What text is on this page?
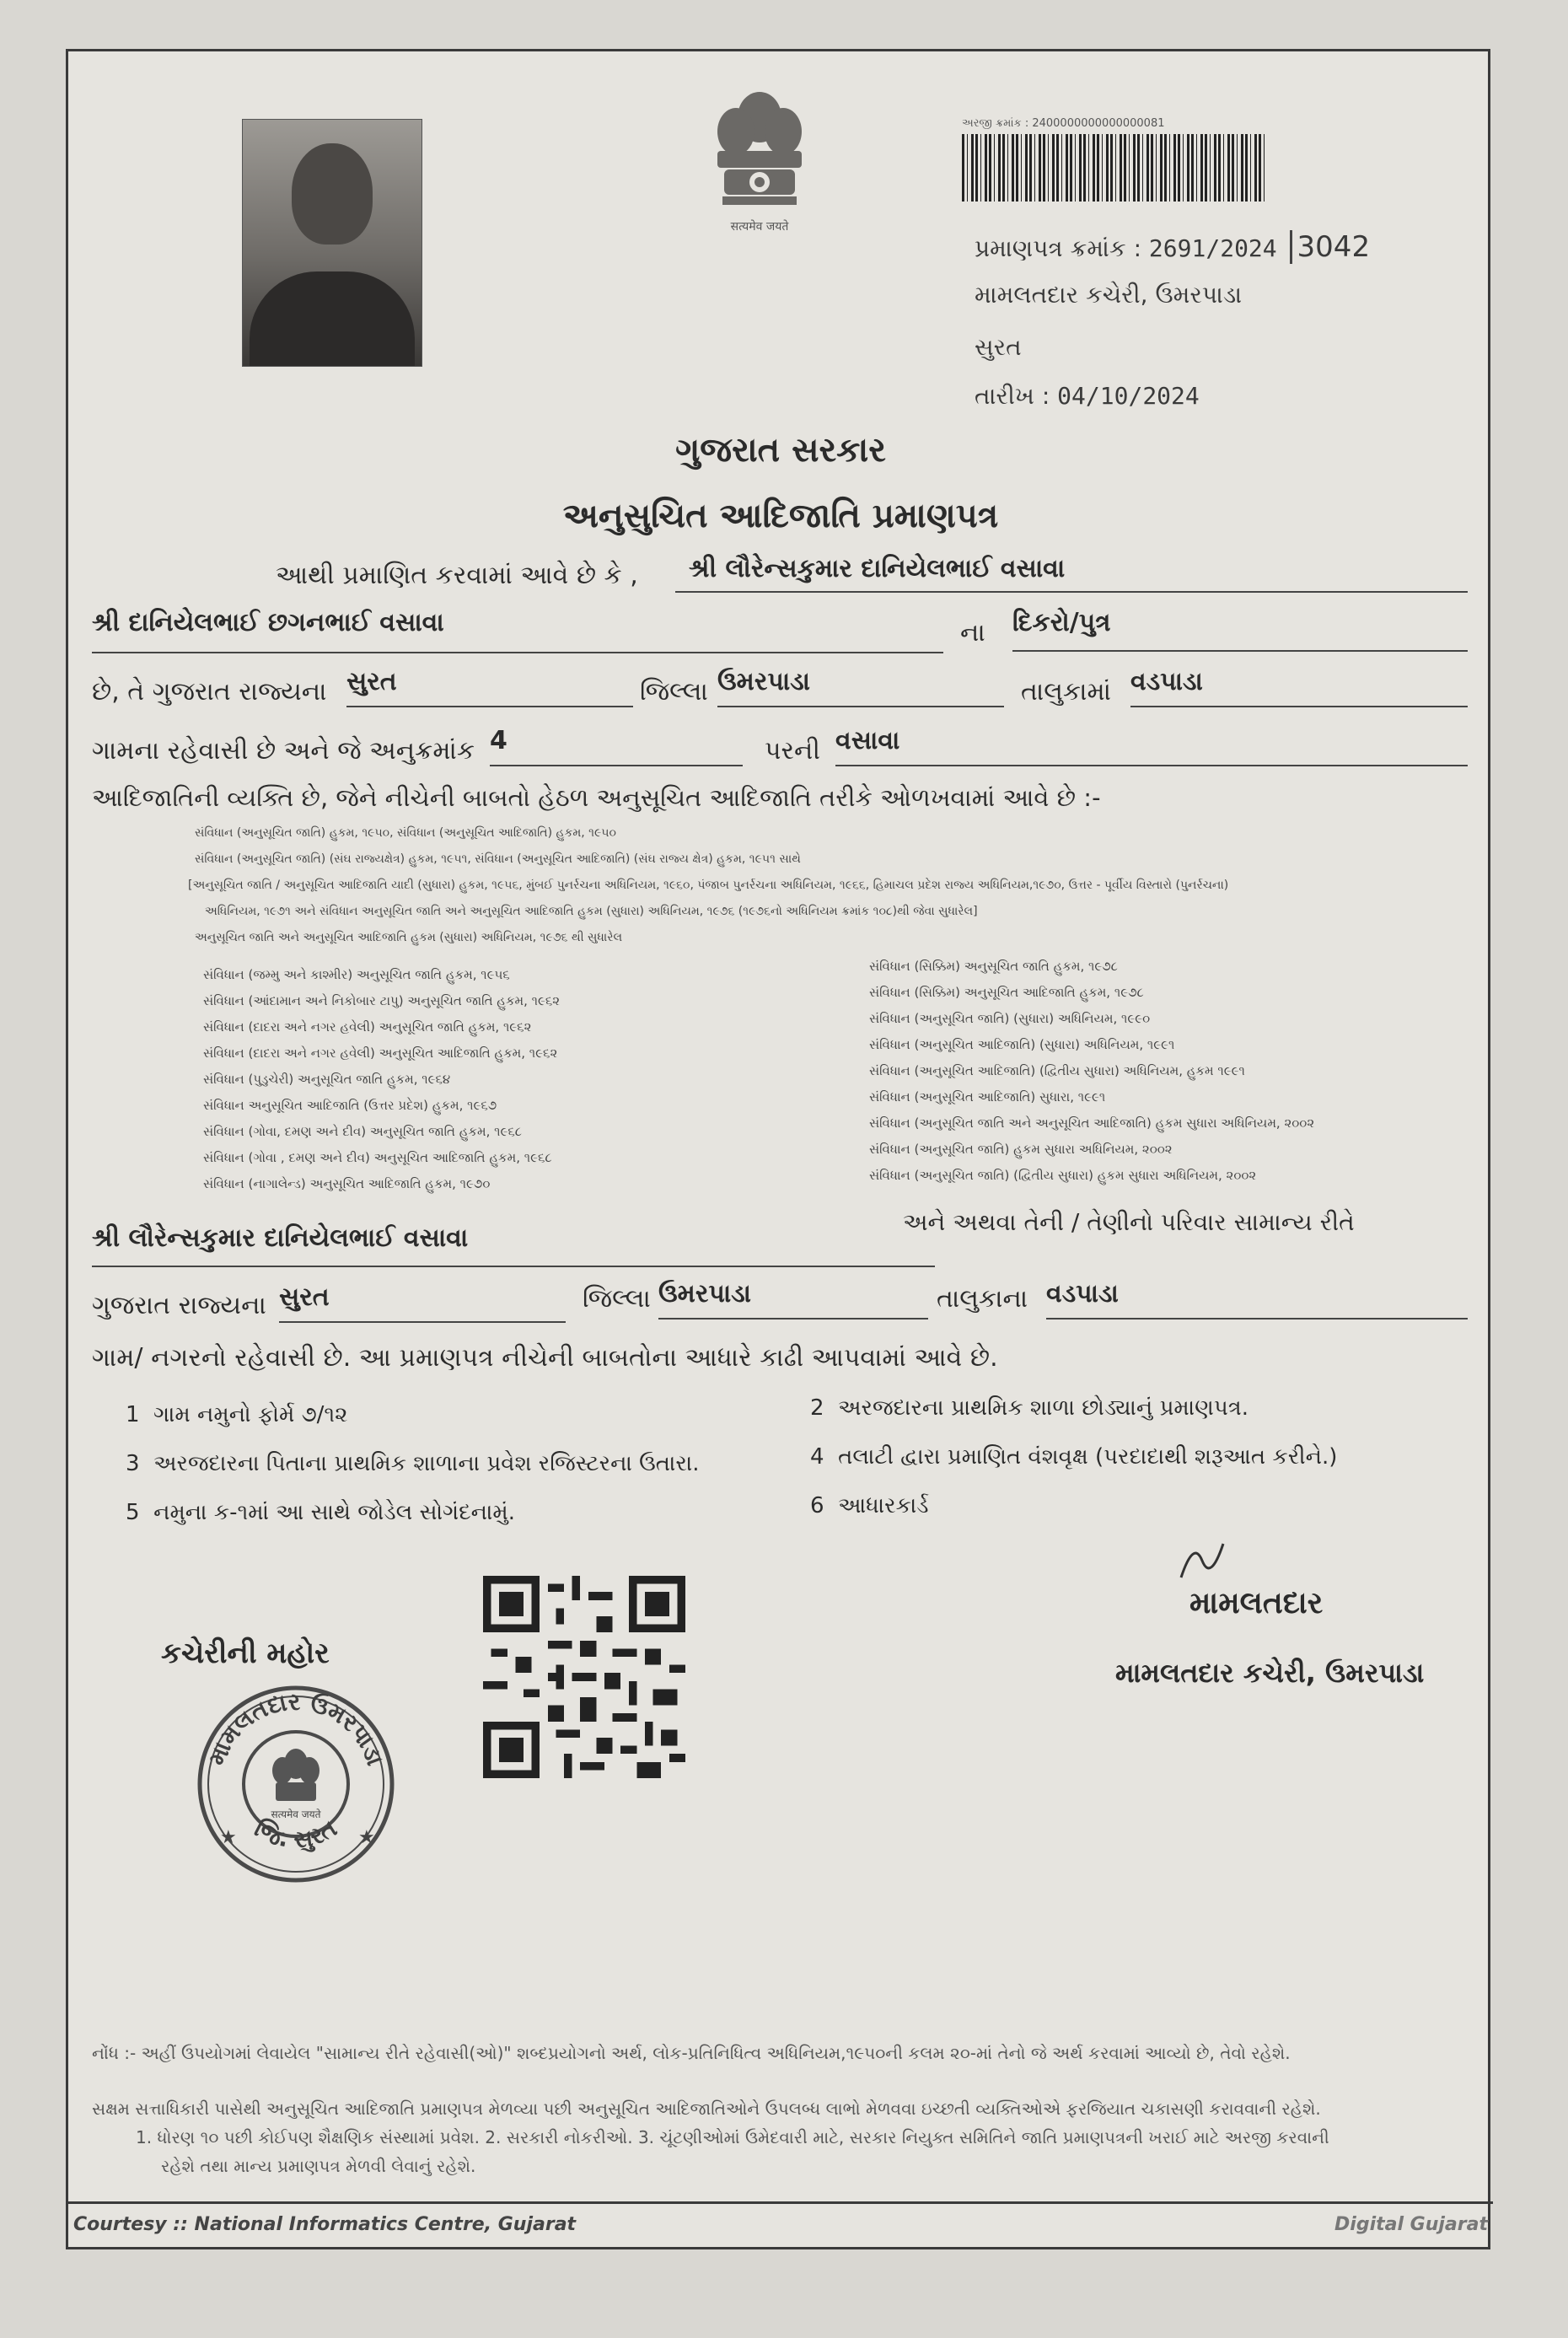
सत्यमेव जयते
અરજી ક્રમાંક : 2400000000000000081
પ્રમાણપત્ર ક્રમાંક : 2691/2024 3042
મામલતદાર કચેરી, ઉમરપાડા
સુરત
તારીખ : 04/10/2024
ગુજરાત સરકાર
અનુસુચિત આદિજાતિ પ્રમાણપત્ર
આથી પ્રમાણિત કરવામાં આવે છે કે ,	શ્રી લૌરેન્સકુમાર દાનિયેલભાઈ વસાવા
શ્રી દાનિયેલભાઈ છગનભાઈ વસાવા	ના દિકરો/પુત્ર
છે, તે ગુજરાત રાજ્યના સુરત	જિલ્લા ઉમરપાડા	તાલુકામાં વડપાડા
ગામના રહેવાસી છે અને જે અનુક્રમાંક 4	પરની વસાવા
આદિજાતિની વ્યક્તિ છે, જેને નીચેની બાબતો હેઠળ અનુસૂચિત આદિજાતિ તરીકે ઓળખવામાં આવે છે :-
સંવિધાન (અનુસૂચિત જાતિ) હુકમ, ૧૯૫૦, સંવિધાન (અનુસૂચિત આદિજાતિ) હુકમ, ૧૯૫૦
સંવિધાન (અનુસૂચિત જાતિ) (સંઘ રાજ્યક્ષેત્ર) હુકમ, ૧૯૫૧, સંવિધાન (અનુસૂચિત આદિજાતિ) (સંઘ રાજ્ય ક્ષેત્ર) હુકમ, ૧૯૫૧ સાથે
[અનુસૂચિત જાતિ / અનુસૂચિત આદિજાતિ યાદી (સુધારા) હુકમ, ૧૯૫૬, મુંબઈ પુનર્રચના અધિનિયમ, ૧૯૬૦, પંજાબ પુનર્રચના અધિનિયમ, ૧૯૬૬, હિમાચલ પ્રદેશ રાજ્ય અધિનિયમ,૧૯૭૦, ઉત્તર - પૂર્વીય વિસ્તારો (પુનર્રચના)
અધિનિયમ, ૧૯૭૧ અને સંવિધાન અનુસૂચિત જાતિ અને અનુસૂચિત આદિજાતિ હુકમ (સુધારા) અધિનિયમ, ૧૯૭૬ (૧૯૭૬નો અધિનિયમ ક્રમાંક ૧૦૮)થી જેવા સુધારેલ]
અનુસૂચિત જાતિ અને અનુસૂચિત આદિજાતિ હુકમ (સુધારા) અધિનિયમ, ૧૯૭૬ થી સુધારેલ
સંવિધાન (જમ્મુ અને કાશ્મીર) અનુસૂચિત જાતિ હુકમ, ૧૯૫૬
સંવિધાન (આંદામાન અને નિકોબાર ટાપુ) અનુસૂચિત જાતિ હુકમ, ૧૯૬૨
સંવિધાન (દાદરા અને નગર હવેલી) અનુસૂચિત જાતિ હુકમ, ૧૯૬૨
સંવિધાન (દાદરા અને નગર હવેલી) અનુસૂચિત આદિજાતિ હુકમ, ૧૯૬૨
સંવિધાન (પુડુચેરી) અનુસૂચિત જાતિ હુકમ, ૧૯૬૪
સંવિધાન અનુસૂચિત આદિજાતિ (ઉત્તર પ્રદેશ) હુકમ, ૧૯૬૭
સંવિધાન (ગોવા, દમણ અને દીવ) અનુસૂચિત જાતિ હુકમ, ૧૯૬૮
સંવિધાન (ગોવા , દમણ અને દીવ) અનુસૂચિત આદિજાતિ હુકમ, ૧૯૬૮
સંવિધાન (નાગાલેન્ડ) અનુસૂચિત આદિજાતિ હુકમ, ૧૯૭૦
સંવિધાન (સિક્કિમ) અનુસૂચિત જાતિ હુકમ, ૧૯૭૮
સંવિધાન (સિક્કિમ) અનુસૂચિત આદિજાતિ હુકમ, ૧૯૭૮
સંવિધાન (અનુસૂચિત જાતિ) (સુધારા) અધિનિયમ, ૧૯૯૦
સંવિધાન (અનુસૂચિત આદિજાતિ) (સુધારા) અધિનિયમ, ૧૯૯૧
સંવિધાન (અનુસૂચિત આદિજાતિ) (દ્વિતીય સુધારા) અધિનિયમ, હુકમ ૧૯૯૧
સંવિધાન (અનુસૂચિત આદિજાતિ) સુધારા, ૧૯૯૧
સંવિધાન (અનુસૂચિત જાતિ અને અનુસૂચિત આદિજાતિ) હુકમ સુધારા અધિનિયમ, ૨૦૦૨
સંવિધાન (અનુસૂચિત જાતિ) હુકમ સુધારા અધિનિયમ, ૨૦૦૨
સંવિધાન (અનુસૂચિત જાતિ) (દ્વિતીય સુધારા) હુકમ સુધારા અધિનિયમ, ૨૦૦૨
શ્રી લૌરેન્સકુમાર દાનિયેલભાઈ વસાવા
અને અથવા તેની / તેણીનો પરિવાર સામાન્ય રીતે
ગુજરાત રાજ્યના સુરત	જિલ્લા ઉમરપાડા	તાલુકાના વડપાડા
ગામ/ નગરનો રહેવાસી છે. આ પ્રમાણપત્ર નીચેની બાબતોના આધારે કાઢી આપવામાં આવે છે.
1 ગામ નમુનો ફોર્મ ૭/૧૨	2 અરજદારના પ્રાથમિક શાળા છોડ્યાનું પ્રમાણપત્ર.
3 અરજદારના પિતાના પ્રાથમિક શાળાના પ્રવેશ રજિસ્ટરના ઉતારા.	4 તલાટી દ્વારા પ્રમાણિત વંશવૃક્ષ (પરદાદાથી શરૂઆત કરીને.)
5 નમુના ક-૧માં આ સાથે જોડેલ સોગંદનામું.	6 આધારકાર્ડ
કચેરીની મહોર
મામલતદાર ઉમરપાડા
જિ. સુરત
सत्यमेव जयते
★	★
મામલતદાર
મામલતદાર કચેરી, ઉમરપાડા
નોંધ :- અહીં ઉપયોગમાં લેવાયેલ "સામાન્ય રીતે રહેવાસી(ઓ)" શબ્દપ્રયોગનો અર્થ, લોક-પ્રતિનિધિત્વ અધિનિયમ,૧૯૫૦ની કલમ ૨૦-માં તેનો જે અર્થ કરવામાં આવ્યો છે, તેવો રહેશે.
સક્ષમ સત્તાધિકારી પાસેથી અનુસૂચિત આદિજાતિ પ્રમાણપત્ર મેળવ્યા પછી અનુસૂચિત આદિજાતિઓને ઉપલબ્ધ લાભો મેળવવા ઇચ્છતી વ્યક્તિઓએ ફરજિયાત ચકાસણી કરાવવાની રહેશે.
1. ધોરણ ૧૦ પછી કોઈપણ શૈક્ષણિક સંસ્થામાં પ્રવેશ. 2. સરકારી નોકરીઓ. 3. ચૂંટણીઓમાં ઉમેદવારી માટે, સરકાર નિયુક્ત સમિતિને જાતિ પ્રમાણપત્રની ખરાઈ માટે અરજી કરવાની
રહેશે તથા માન્ય પ્રમાણપત્ર મેળવી લેવાનું રહેશે.
Courtesy :: National Informatics Centre, Gujarat	Digital Gujarat
